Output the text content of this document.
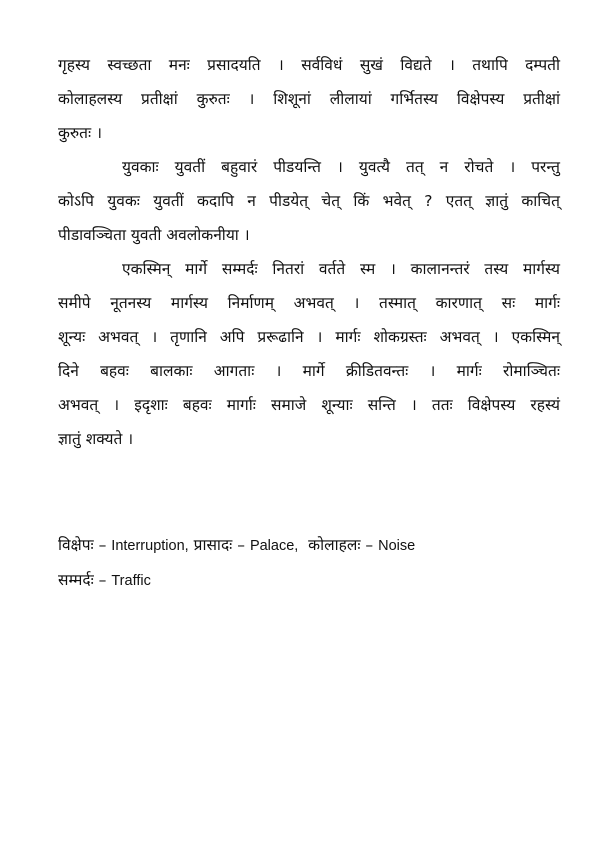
गृहस्य स्वच्छता मनः प्रसादयति । सर्वविधं सुखं विद्यते । तथापि दम्पती
कोलाहलस्य प्रतीक्षां कुरुतः । शिशूनां लीलायां गर्भितस्य विक्षेपस्य प्रतीक्षां
कुरुतः ।

युवकाः युवतीं बहुवारं पीडयन्ति । युवत्यै तत् न रोचते । परन्तु
कोऽपि युवकः युवतीं कदापि न पीडयेत् चेत् किं भवेत् ? एतत् ज्ञातुं काचित्
पीडावञ्चिता युवती अवलोकनीया ।

एकस्मिन् मार्गे सम्मर्दः नितरां वर्तते स्म । कालानन्तरं तस्य मार्गस्य
समीपे नूतनस्य मार्गस्य निर्माणम् अभवत् । तस्मात् कारणात् सः मार्गः
शून्यः अभवत् । तृणानि अपि प्ररूढानि । मार्गः शोकग्रस्तः अभवत् । एकस्मिन्
दिने बहवः बालकाः आगताः । मार्गे क्रीडितवन्तः । मार्गः रोमाञ्चितः
अभवत् । इदृशाः बहवः मार्गाः समाजे शून्याः सन्ति । ततः विक्षेपस्य रहस्यं
ज्ञातुं शक्यते ।

विक्षेपः – Interruption, प्रासादः – Palace, कोलाहलः – Noise
सम्मर्दः – Traffic
